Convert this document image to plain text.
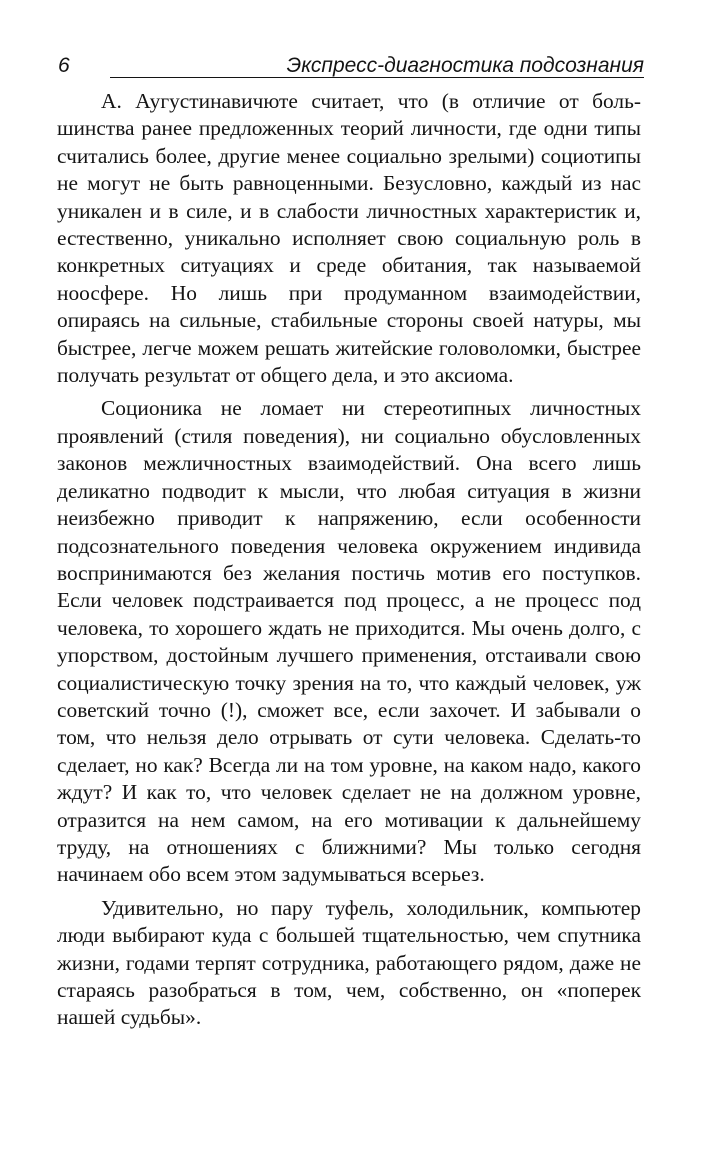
6	Экспресс-диагностика подсознания

А. Аугустинавичюте считает, что (в отличие от большинства ранее предложенных теорий личности, где одни типы считались более, другие менее социально зрелыми) социотипы не могут не быть равноценными. Безусловно, каждый из нас уникален и в силе, и в слабости личностных характеристик и, естественно, уникально исполняет свою социальную роль в конкретных ситуациях и среде обитания, так называемой ноосфере. Но лишь при продуманном взаимодействии, опираясь на сильные, стабильные стороны своей натуры, мы быстрее, легче можем решать житейские головоломки, быстрее получать результат от общего дела, и это аксиома.

Соционика не ломает ни стереотипных личностных проявлений (стиля поведения), ни социально обусловленных законов межличностных взаимодействий. Она всего лишь деликатно подводит к мысли, что любая ситуация в жизни неизбежно приводит к напряжению, если особенности подсознательного поведения человека окружением индивида воспринимаются без желания постичь мотив его поступков. Если человек подстраивается под процесс, а не процесс под человека, то хорошего ждать не приходится. Мы очень долго, с упорством, достойным лучшего применения, отстаивали свою социалистическую точку зрения на то, что каждый человек, уж советский точно (!), сможет все, если захочет. И забывали о том, что нельзя дело отрывать от сути человека. Сделать-то сделает, но как? Всегда ли на том уровне, на каком надо, какого ждут? И как то, что человек сделает не на должном уровне, отразится на нем самом, на его мотивации к дальнейшему труду, на отношениях с ближними? Мы только сегодня начинаем обо всем этом задумываться всерьез.

Удивительно, но пару туфель, холодильник, компьютер люди выбирают куда с большей тщательностью, чем спутника жизни, годами терпят сотрудника, работающего рядом, даже не стараясь разобраться в том, чем, собственно, он «поперек нашей судьбы».
